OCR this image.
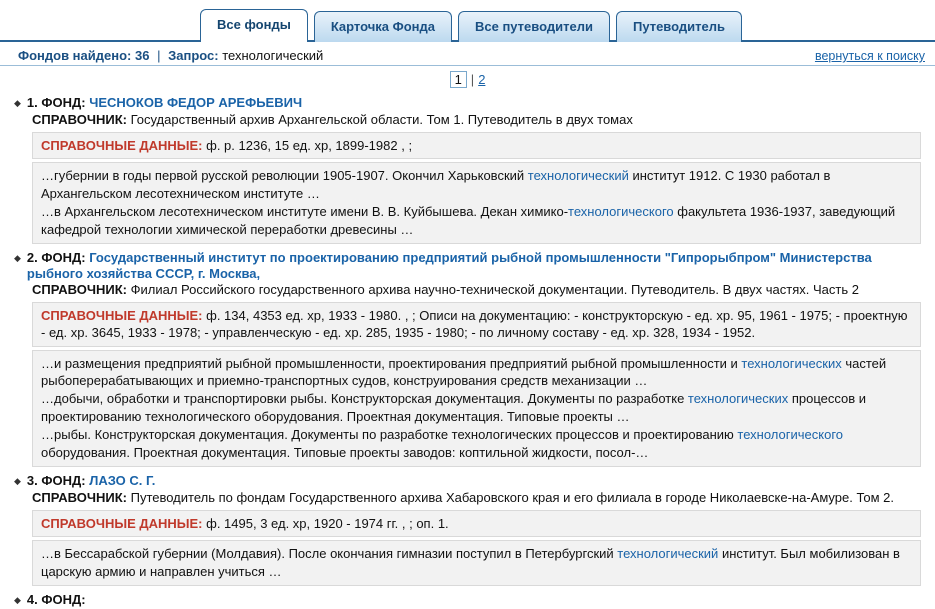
Все фонды	Карточка Фонда	Все путеводители	Путеводитель
Фондов найдено: 36 | Запрос: технологический	вернуться к поиску
1 | 2
◆ 1. ФОНД: ЧЕСНОКОВ ФЕДОР АРЕФЬЕВИЧ
СПРАВОЧНИК: Государственный архив Архангельской области. Том 1. Путеводитель в двух томах
СПРАВОЧНЫЕ ДАННЫЕ: ф. р. 1236, 15 ед. хр, 1899-1982 , ;
…губернии в годы первой русской революции 1905-1907. Окончил Харьковский технологический институт 1912. С 1930 работал в Архангельском лесотехническом институте …
…в Архангельском лесотехническом институте имени В. В. Куйбышева. Декан химико-технологического факультета 1936-1937, заведующий кафедрой технологии химической переработки древесины …
◆ 2. ФОНД: Государственный институт по проектированию предприятий рыбной промышленности "Гипрорыбпром" Министерства рыбного хозяйства СССР, г. Москва,
СПРАВОЧНИК: Филиал Российского государственного архива научно-технической документации. Путеводитель. В двух частях. Часть 2
СПРАВОЧНЫЕ ДАННЫЕ: ф. 134, 4353 ед. хр, 1933 - 1980. , ; Описи на документацию: - конструкторскую - ед. хр. 95, 1961 - 1975; - проектную - ед. хр. 3645, 1933 - 1978; - управленческую - ед. хр. 285, 1935 - 1980; - по личному составу - ед. хр. 328, 1934 - 1952.
…и размещения предприятий рыбной промышленности, проектирования предприятий рыбной промышленности и технологических частей рыбоперерабатывающих и приемно-транспортных судов, конструирования средств механизации …
…добычи, обработки и транспортировки рыбы. Конструкторская документация. Документы по разработке технологических процессов и проектированию технологического оборудования. Проектная документация. Типовые проекты …
…рыбы. Конструкторская документация. Документы по разработке технологических процессов и проектированию технологического оборудования. Проектная документация. Типовые проекты заводов: коптильной жидкости, посол-…
◆ 3. ФОНД: ЛАЗО С. Г.
СПРАВОЧНИК: Путеводитель по фондам Государственного архива Хабаровского края и его филиала в городе Николаевске-на-Амуре. Том 2.
СПРАВОЧНЫЕ ДАННЫЕ: ф. 1495, 3 ед. хр, 1920 - 1974 гг. , ; оп. 1.
…в Бессарабской губернии (Молдавия). После окончания гимназии поступил в Петербургский технологический институт. Был мобилизован в царскую армию и направлен учиться …
◆ 4. ФОНД:
